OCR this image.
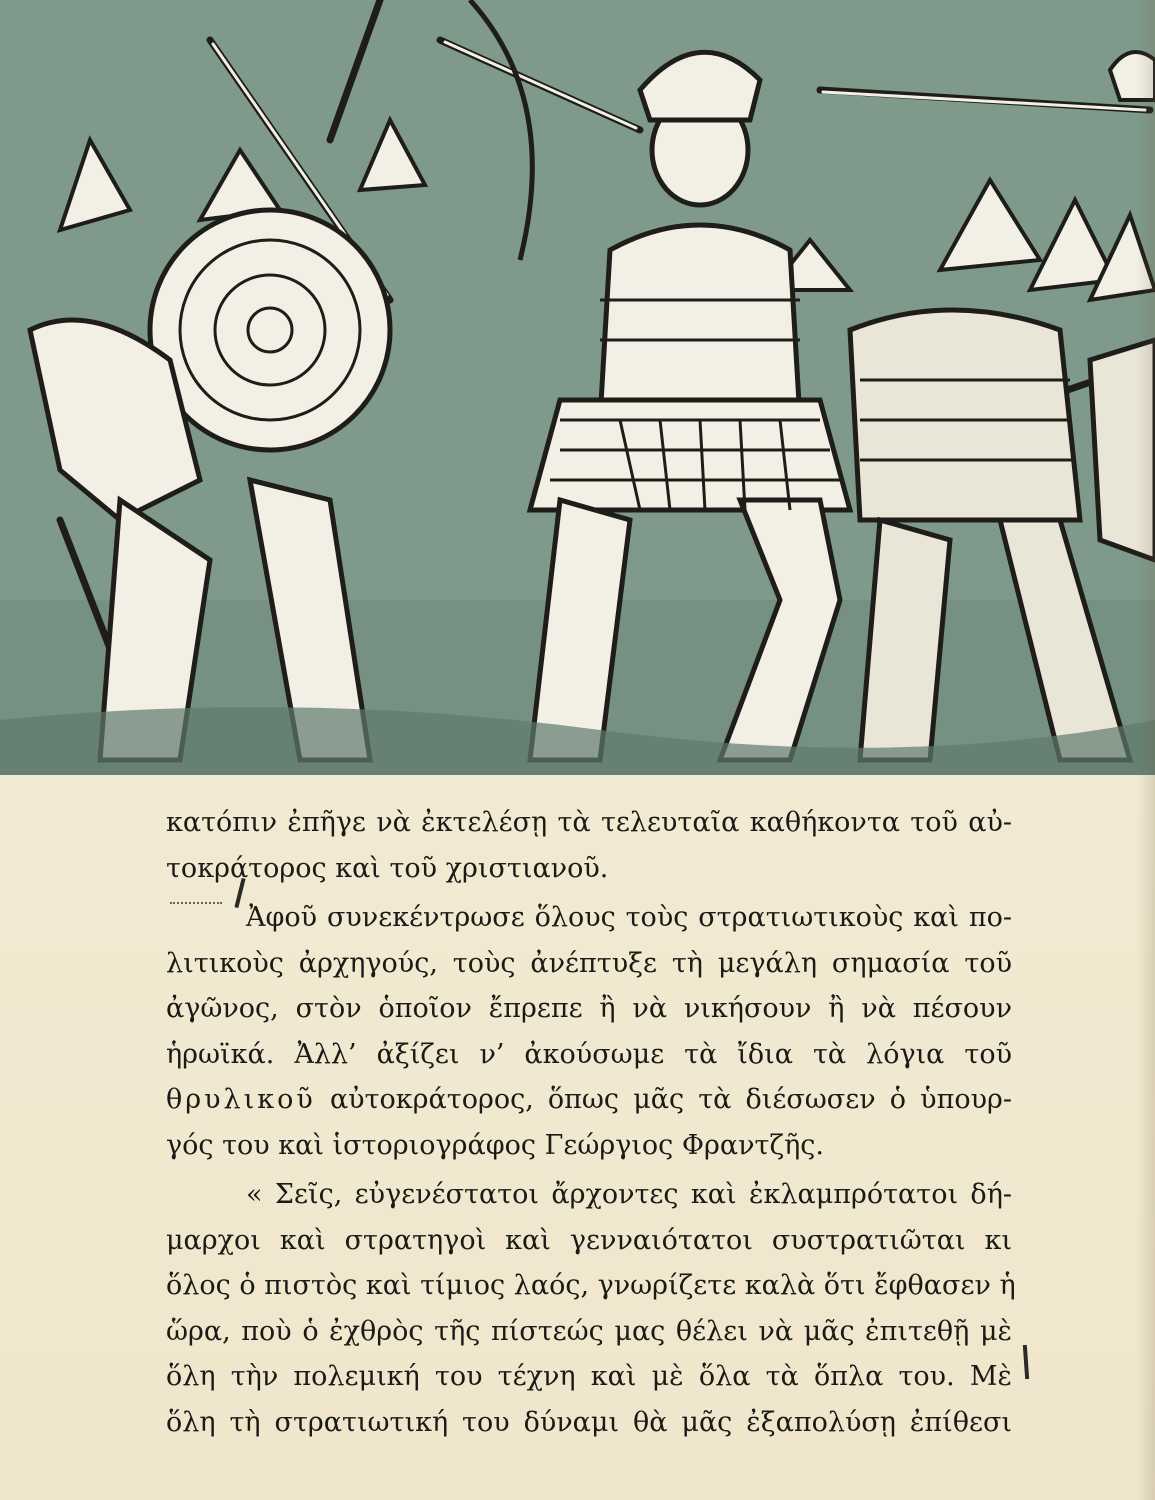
κατόπιν ἐπῆγε νὰ ἐκτελέσῃ τὰ τελευταῖα καθήκοντα τοῦ αὐ-
τοκράτορος καὶ τοῦ χριστιανοῦ.

Ἀφοῦ συνεκέντρωσε ὅλους τοὺς στρατιωτικοὺς καὶ πο-
λιτικοὺς ἀρχηγούς, τοὺς ἀνέπτυξε τὴ μεγάλη σημασία τοῦ
ἀγῶνος, στὸν ὁποῖον ἔπρεπε ἢ νὰ νικήσουν ἢ νὰ πέσουν
ἡρωϊκά. Ἀλλ’ ἀξίζει ν’ ἀκούσωμε τὰ ἴδια τὰ λόγια τοῦ
θρυλικοῦ αὐτοκράτορος, ὅπως μᾶς τὰ διέσωσεν ὁ ὑπουρ-
γός του καὶ ἱστοριογράφος Γεώργιος Φραντζῆς.

« Σεῖς, εὐγενέστατοι ἄρχοντες καὶ ἐκλαμπρότατοι δή-
μαρχοι καὶ στρατηγοὶ καὶ γενναιότατοι συστρατιῶται κι
ὅλος ὁ πιστὸς καὶ τίμιος λαός, γνωρίζετε καλὰ ὅτι ἔφθασεν ἡ
ὥρα, ποὺ ὁ ἐχθρὸς τῆς πίστεώς μας θέλει νὰ μᾶς ἐπιτεθῇ μὲ
ὅλη τὴν πολεμική του τέχνη καὶ μὲ ὅλα τὰ ὅπλα του. Μὲ
ὅλη τὴ στρατιωτική του δύναμι θὰ μᾶς ἐξαπολύσῃ ἐπίθεσι
